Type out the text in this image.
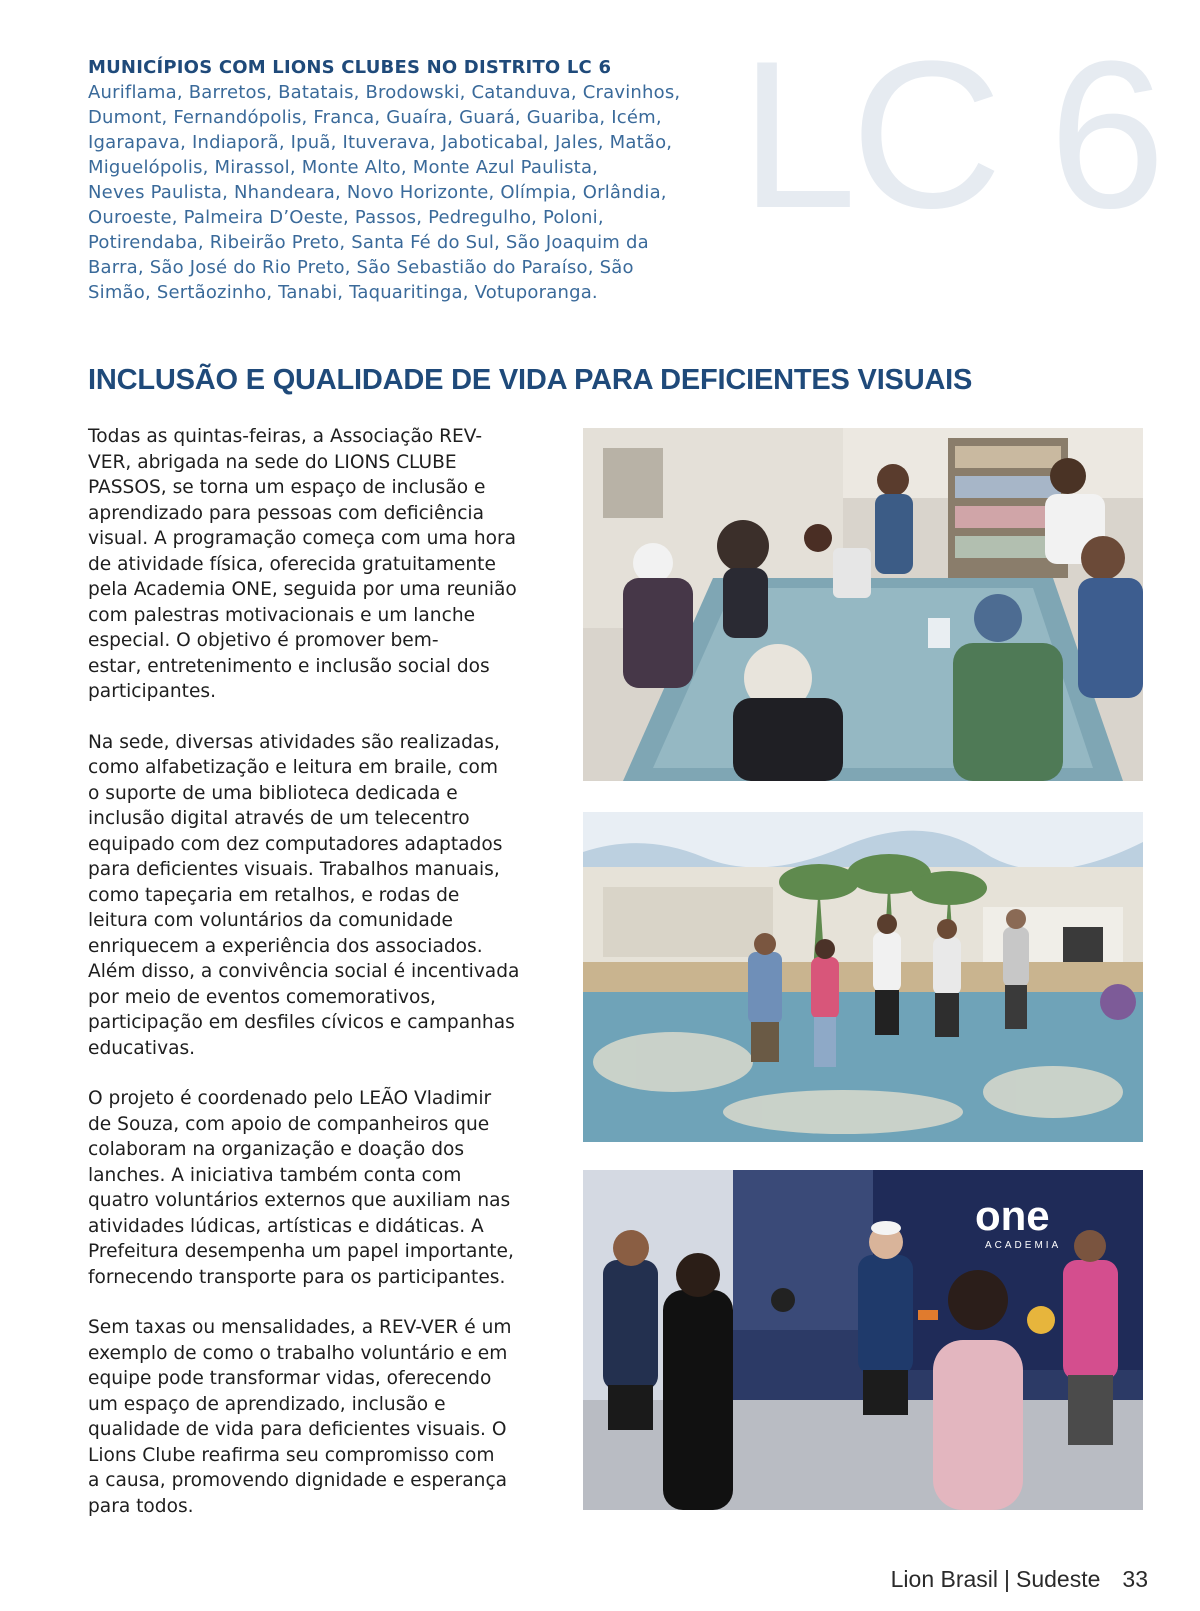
LC 6
MUNICÍPIOS COM LIONS CLUBES NO DISTRITO LC 6

Auriflama, Barretos, Batatais, Brodowski, Catanduva, Cravinhos,
Dumont, Fernandópolis, Franca, Guaíra, Guará, Guariba, Icém,
Igarapava, Indiaporã, Ipuã, Ituverava, Jaboticabal, Jales, Matão,
Miguelópolis, Mirassol, Monte Alto, Monte Azul Paulista,
Neves Paulista, Nhandeara, Novo Horizonte, Olímpia, Orlândia,
Ouroeste, Palmeira D’Oeste, Passos, Pedregulho, Poloni,
Potirendaba, Ribeirão Preto, Santa Fé do Sul, São Joaquim da
Barra, São José do Rio Preto, São Sebastião do Paraíso, São
Simão, Sertãozinho, Tanabi, Taquaritinga, Votuporanga.

INCLUSÃO E QUALIDADE DE VIDA PARA DEFICIENTES VISUAIS

Todas as quintas-feiras, a Associação REV-
VER, abrigada na sede do LIONS CLUBE
PASSOS, se torna um espaço de inclusão e
aprendizado para pessoas com deficiência
visual. A programação começa com uma hora
de atividade física, oferecida gratuitamente
pela Academia ONE, seguida por uma reunião
com palestras motivacionais e um lanche
especial. O objetivo é promover bem-
estar, entretenimento e inclusão social dos
participantes.

Na sede, diversas atividades são realizadas,
como alfabetização e leitura em braile, com
o suporte de uma biblioteca dedicada e
inclusão digital através de um telecentro
equipado com dez computadores adaptados
para deficientes visuais. Trabalhos manuais,
como tapeçaria em retalhos, e rodas de
leitura com voluntários da comunidade
enriquecem a experiência dos associados.
Além disso, a convivência social é incentivada
por meio de eventos comemorativos,
participação em desfiles cívicos e campanhas
educativas.

O projeto é coordenado pelo LEÃO Vladimir
de Souza, com apoio de companheiros que
colaboram na organização e doação dos
lanches. A iniciativa também conta com
quatro voluntários externos que auxiliam nas
atividades lúdicas, artísticas e didáticas. A
Prefeitura desempenha um papel importante,
fornecendo transporte para os participantes.

Sem taxas ou mensalidades, a REV-VER é um
exemplo de como o trabalho voluntário e em
equipe pode transformar vidas, oferecendo
um espaço de aprendizado, inclusão e
qualidade de vida para deficientes visuais. O
Lions Clube reafirma seu compromisso com
a causa, promovendo dignidade e esperança
para todos.

one
ACADEMIA
Lion Brasil | Sudeste 33
